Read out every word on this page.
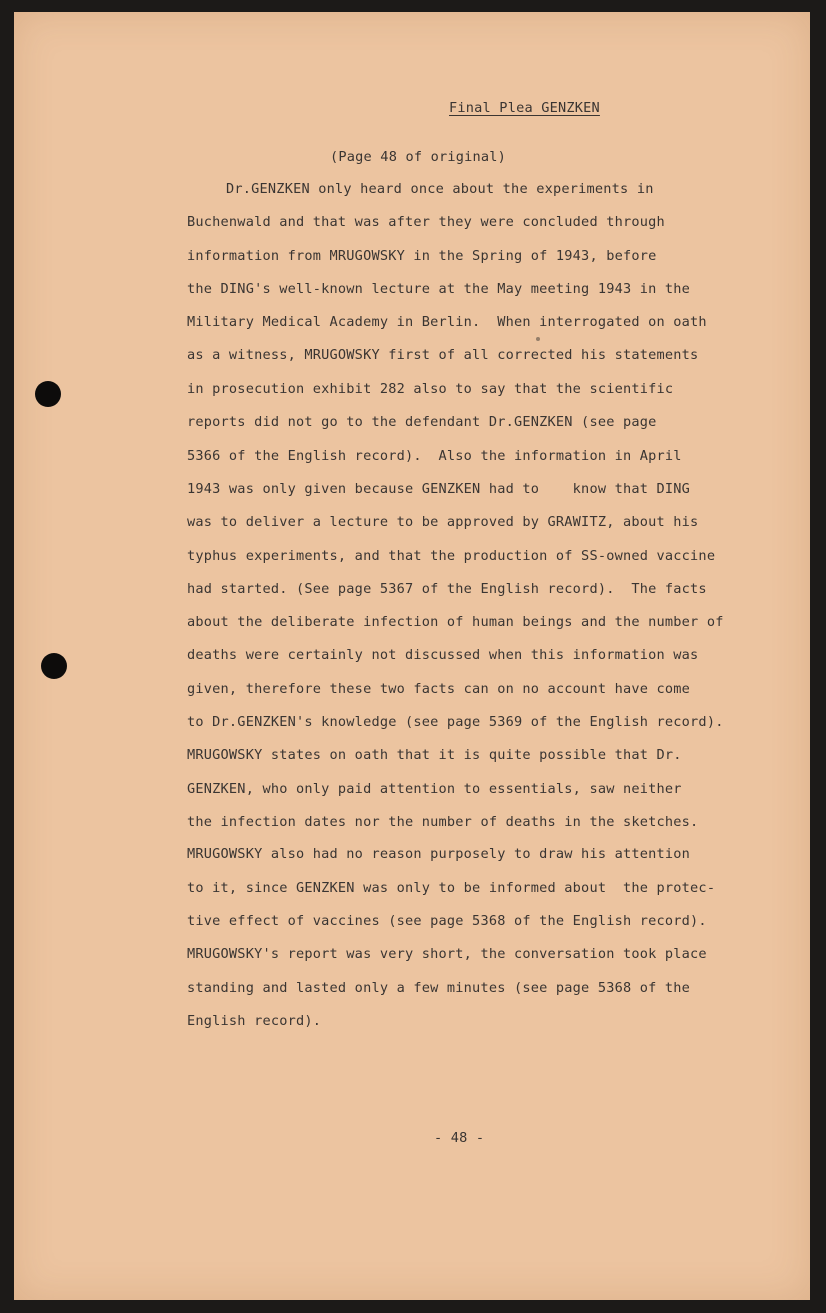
Final Plea GENZKEN
(Page 48 of original)
Dr.GENZKEN only heard once about the experiments in
Buchenwald and that was after they were concluded through
information from MRUGOWSKY in the Spring of 1943, before
the DING's well-known lecture at the May meeting 1943 in the
Military Medical Academy in Berlin.  When interrogated on oath
as a witness, MRUGOWSKY first of all corrected his statements
in prosecution exhibit 282 also to say that the scientific
reports did not go to the defendant Dr.GENZKEN (see page
5366 of the English record).  Also the information in April
1943 was only given because GENZKEN had to    know that DING
was to deliver a lecture to be approved by GRAWITZ, about his
typhus experiments, and that the production of SS-owned vaccine
had started. (See page 5367 of the English record).  The facts
about the deliberate infection of human beings and the number of
deaths were certainly not discussed when this information was
given, therefore these two facts can on no account have come
to Dr.GENZKEN's knowledge (see page 5369 of the English record).
MRUGOWSKY states on oath that it is quite possible that Dr.
GENZKEN, who only paid attention to essentials, saw neither
the infection dates nor the number of deaths in the sketches.
MRUGOWSKY also had no reason purposely to draw his attention
to it, since GENZKEN was only to be informed about  the protec-
tive effect of vaccines (see page 5368 of the English record).
MRUGOWSKY's report was very short, the conversation took place
standing and lasted only a few minutes (see page 5368 of the
English record).
- 48 -
